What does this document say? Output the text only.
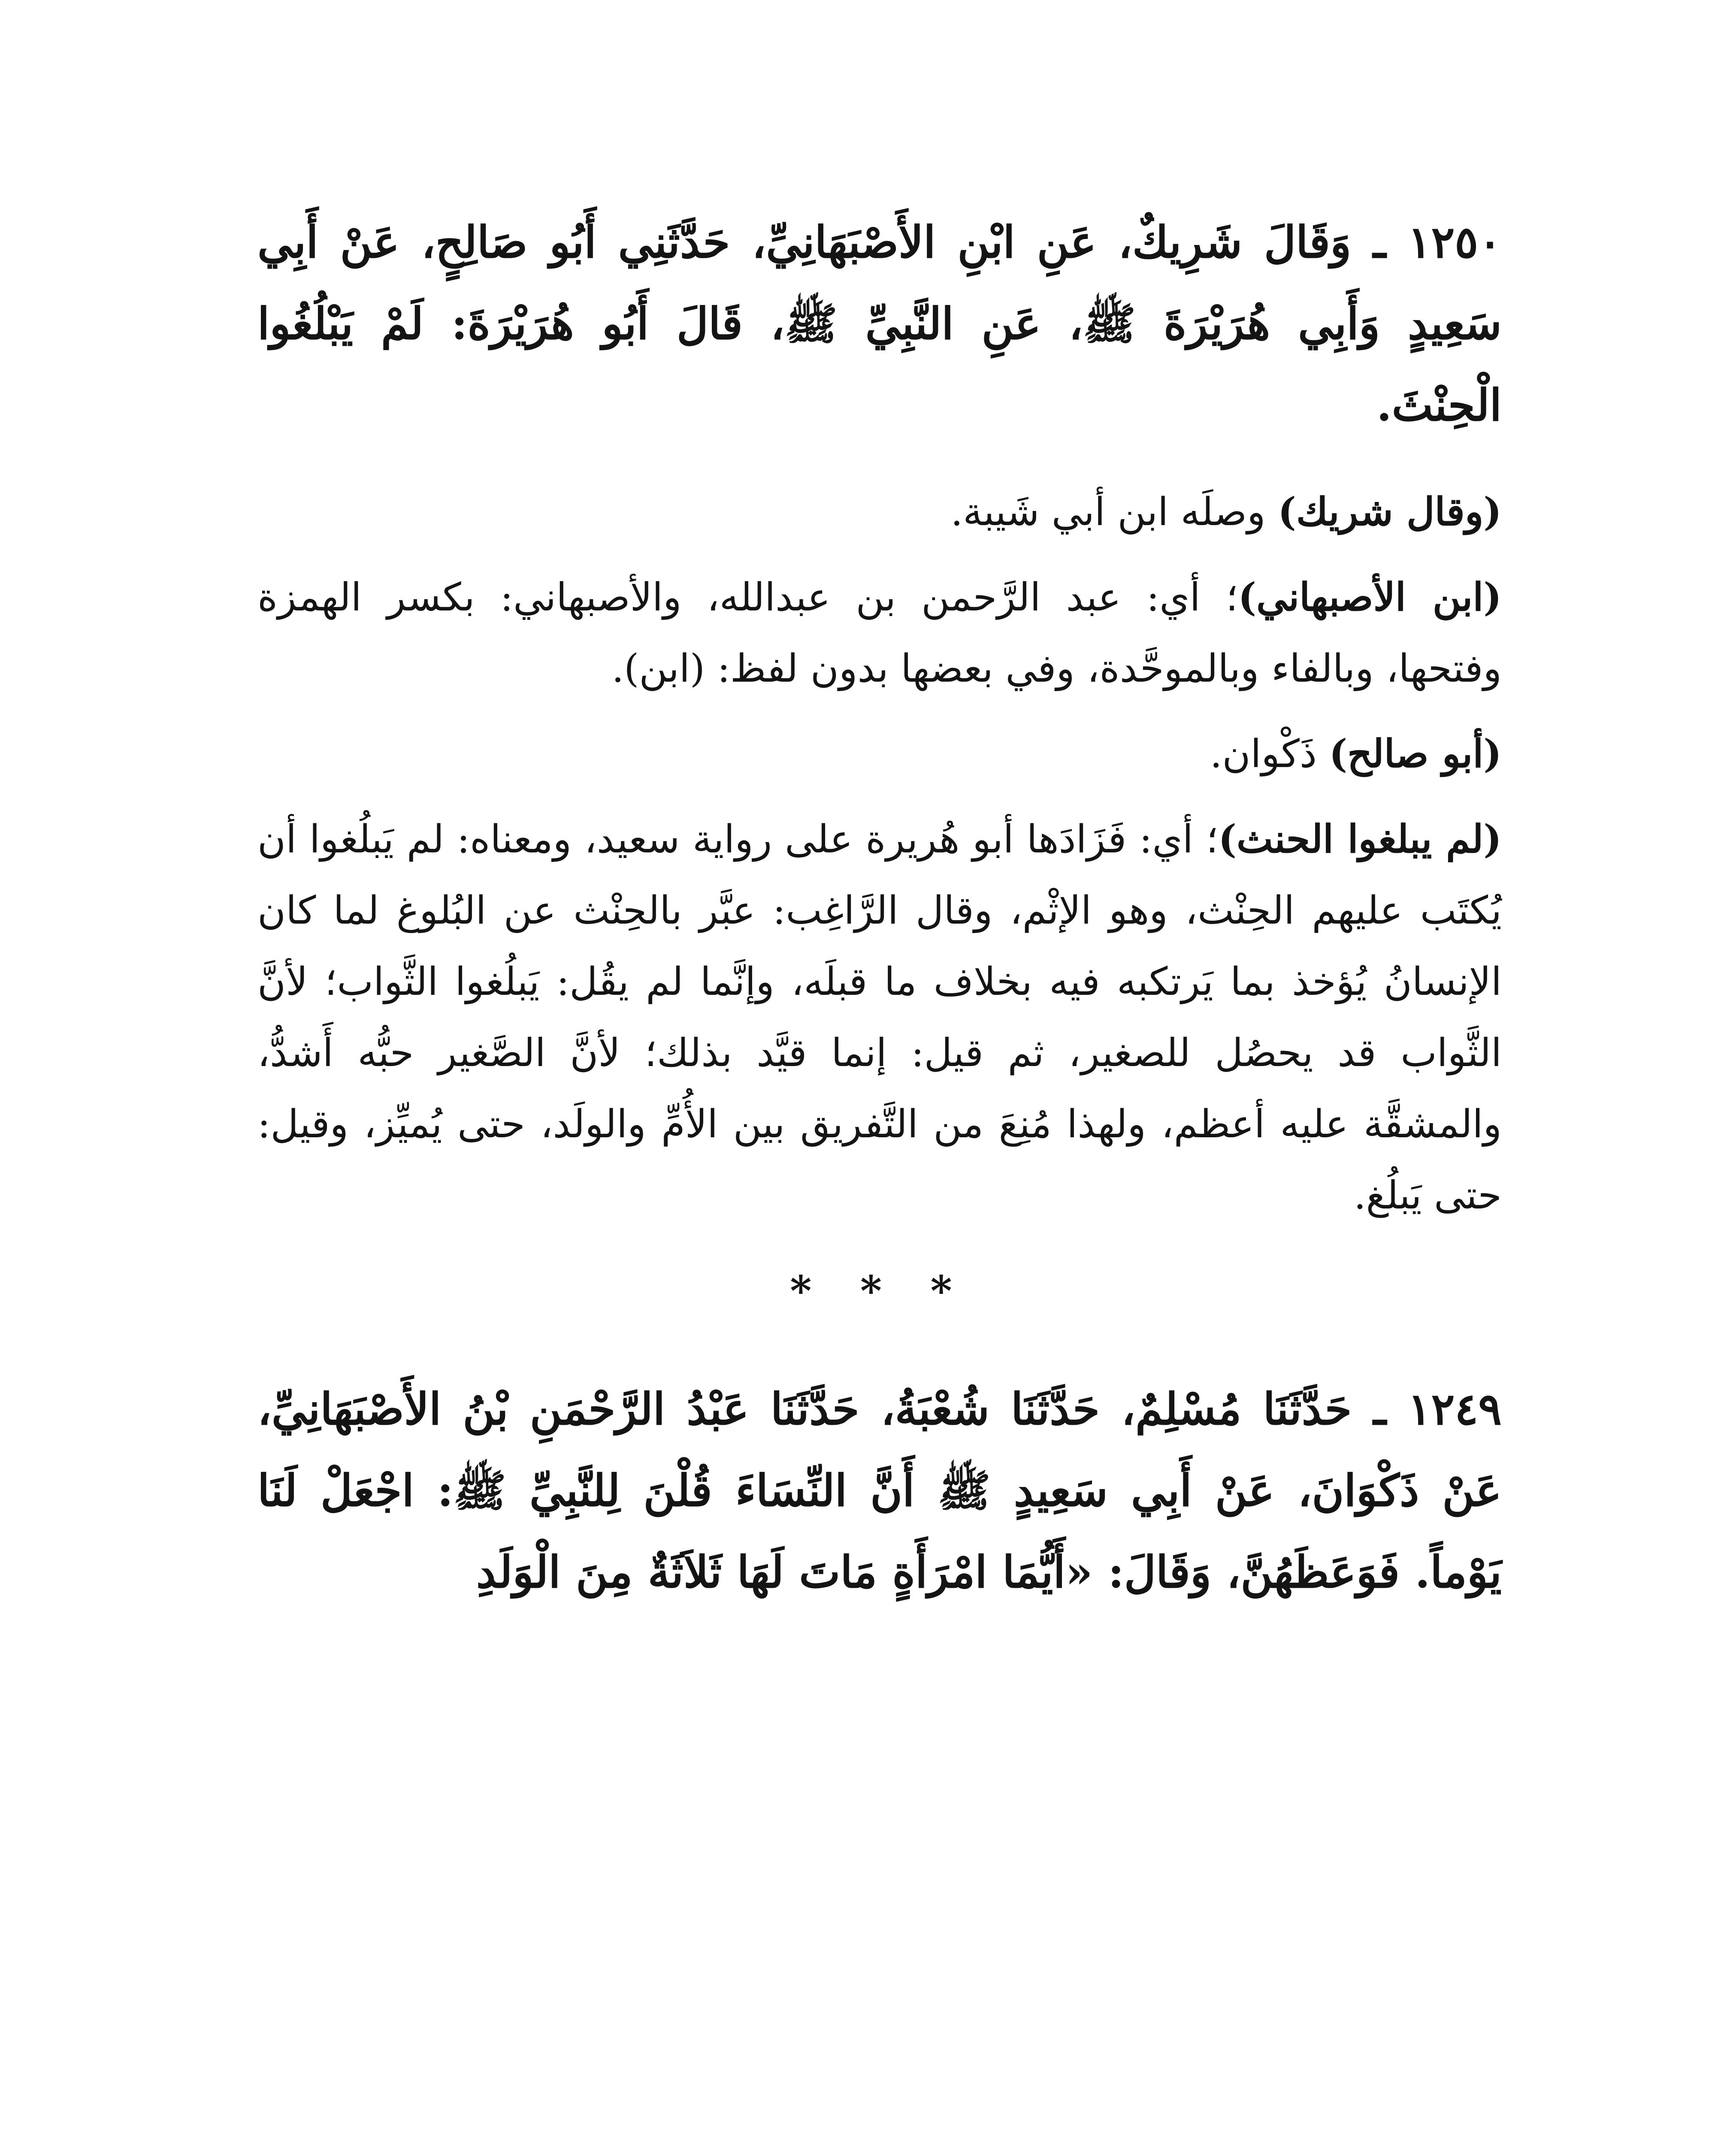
١٢٥٠ ـ وَقَالَ شَرِيكٌ، عَنِ ابْنِ الأَصْبَهَانِيِّ، حَدَّثَنِي أَبُو صَالِحٍ، عَنْ أَبِي سَعِيدٍ وَأَبِي هُرَيْرَةَ ﷺ، عَنِ النَّبِيِّ ﷺ، قَالَ أَبُو هُرَيْرَةَ: لَمْ يَبْلُغُوا الْحِنْثَ.

(وقال شريك) وصلَه ابن أبي شَيبة.

(ابن الأصبهاني)؛ أي: عبد الرَّحمن بن عبدالله، والأصبهاني: بكسر الهمزة وفتحها، وبالفاء وبالموحَّدة، وفي بعضها بدون لفظ: (ابن).

(أبو صالح) ذَكْوان.

(لم يبلغوا الحنث)؛ أي: فَزَادَها أبو هُريرة على رواية سعيد، ومعناه: لم يَبلُغوا أن يُكتَب عليهم الحِنْث، وهو الإثْم، وقال الرَّاغِب: عبَّر بالحِنْث عن البُلوغ لما كان الإنسانُ يُؤخذ بما يَرتكبه فيه بخلاف ما قبلَه، وإنَّما لم يقُل: يَبلُغوا الثَّواب؛ لأنَّ الثَّواب قد يحصُل للصغير، ثم قيل: إنما قيَّد بذلك؛ لأنَّ الصَّغير حبُّه أَشدُّ، والمشقَّة عليه أعظم، ولهذا مُنِعَ من التَّفريق بين الأُمِّ والولَد، حتى يُميِّز، وقيل: حتى يَبلُغ.

* * *

١٢٤٩ ـ حَدَّثَنَا مُسْلِمٌ، حَدَّثَنَا شُعْبَةُ، حَدَّثَنَا عَبْدُ الرَّحْمَنِ بْنُ الأَصْبَهَانِيِّ، عَنْ ذَكْوَانَ، عَنْ أَبِي سَعِيدٍ ﷺ أَنَّ النِّسَاءَ قُلْنَ لِلنَّبِيِّ ﷺ: اجْعَلْ لَنَا يَوْماً. فَوَعَظَهُنَّ، وَقَالَ: «أَيُّمَا امْرَأَةٍ مَاتَ لَهَا ثَلاَثَةٌ مِنَ الْوَلَدِ
